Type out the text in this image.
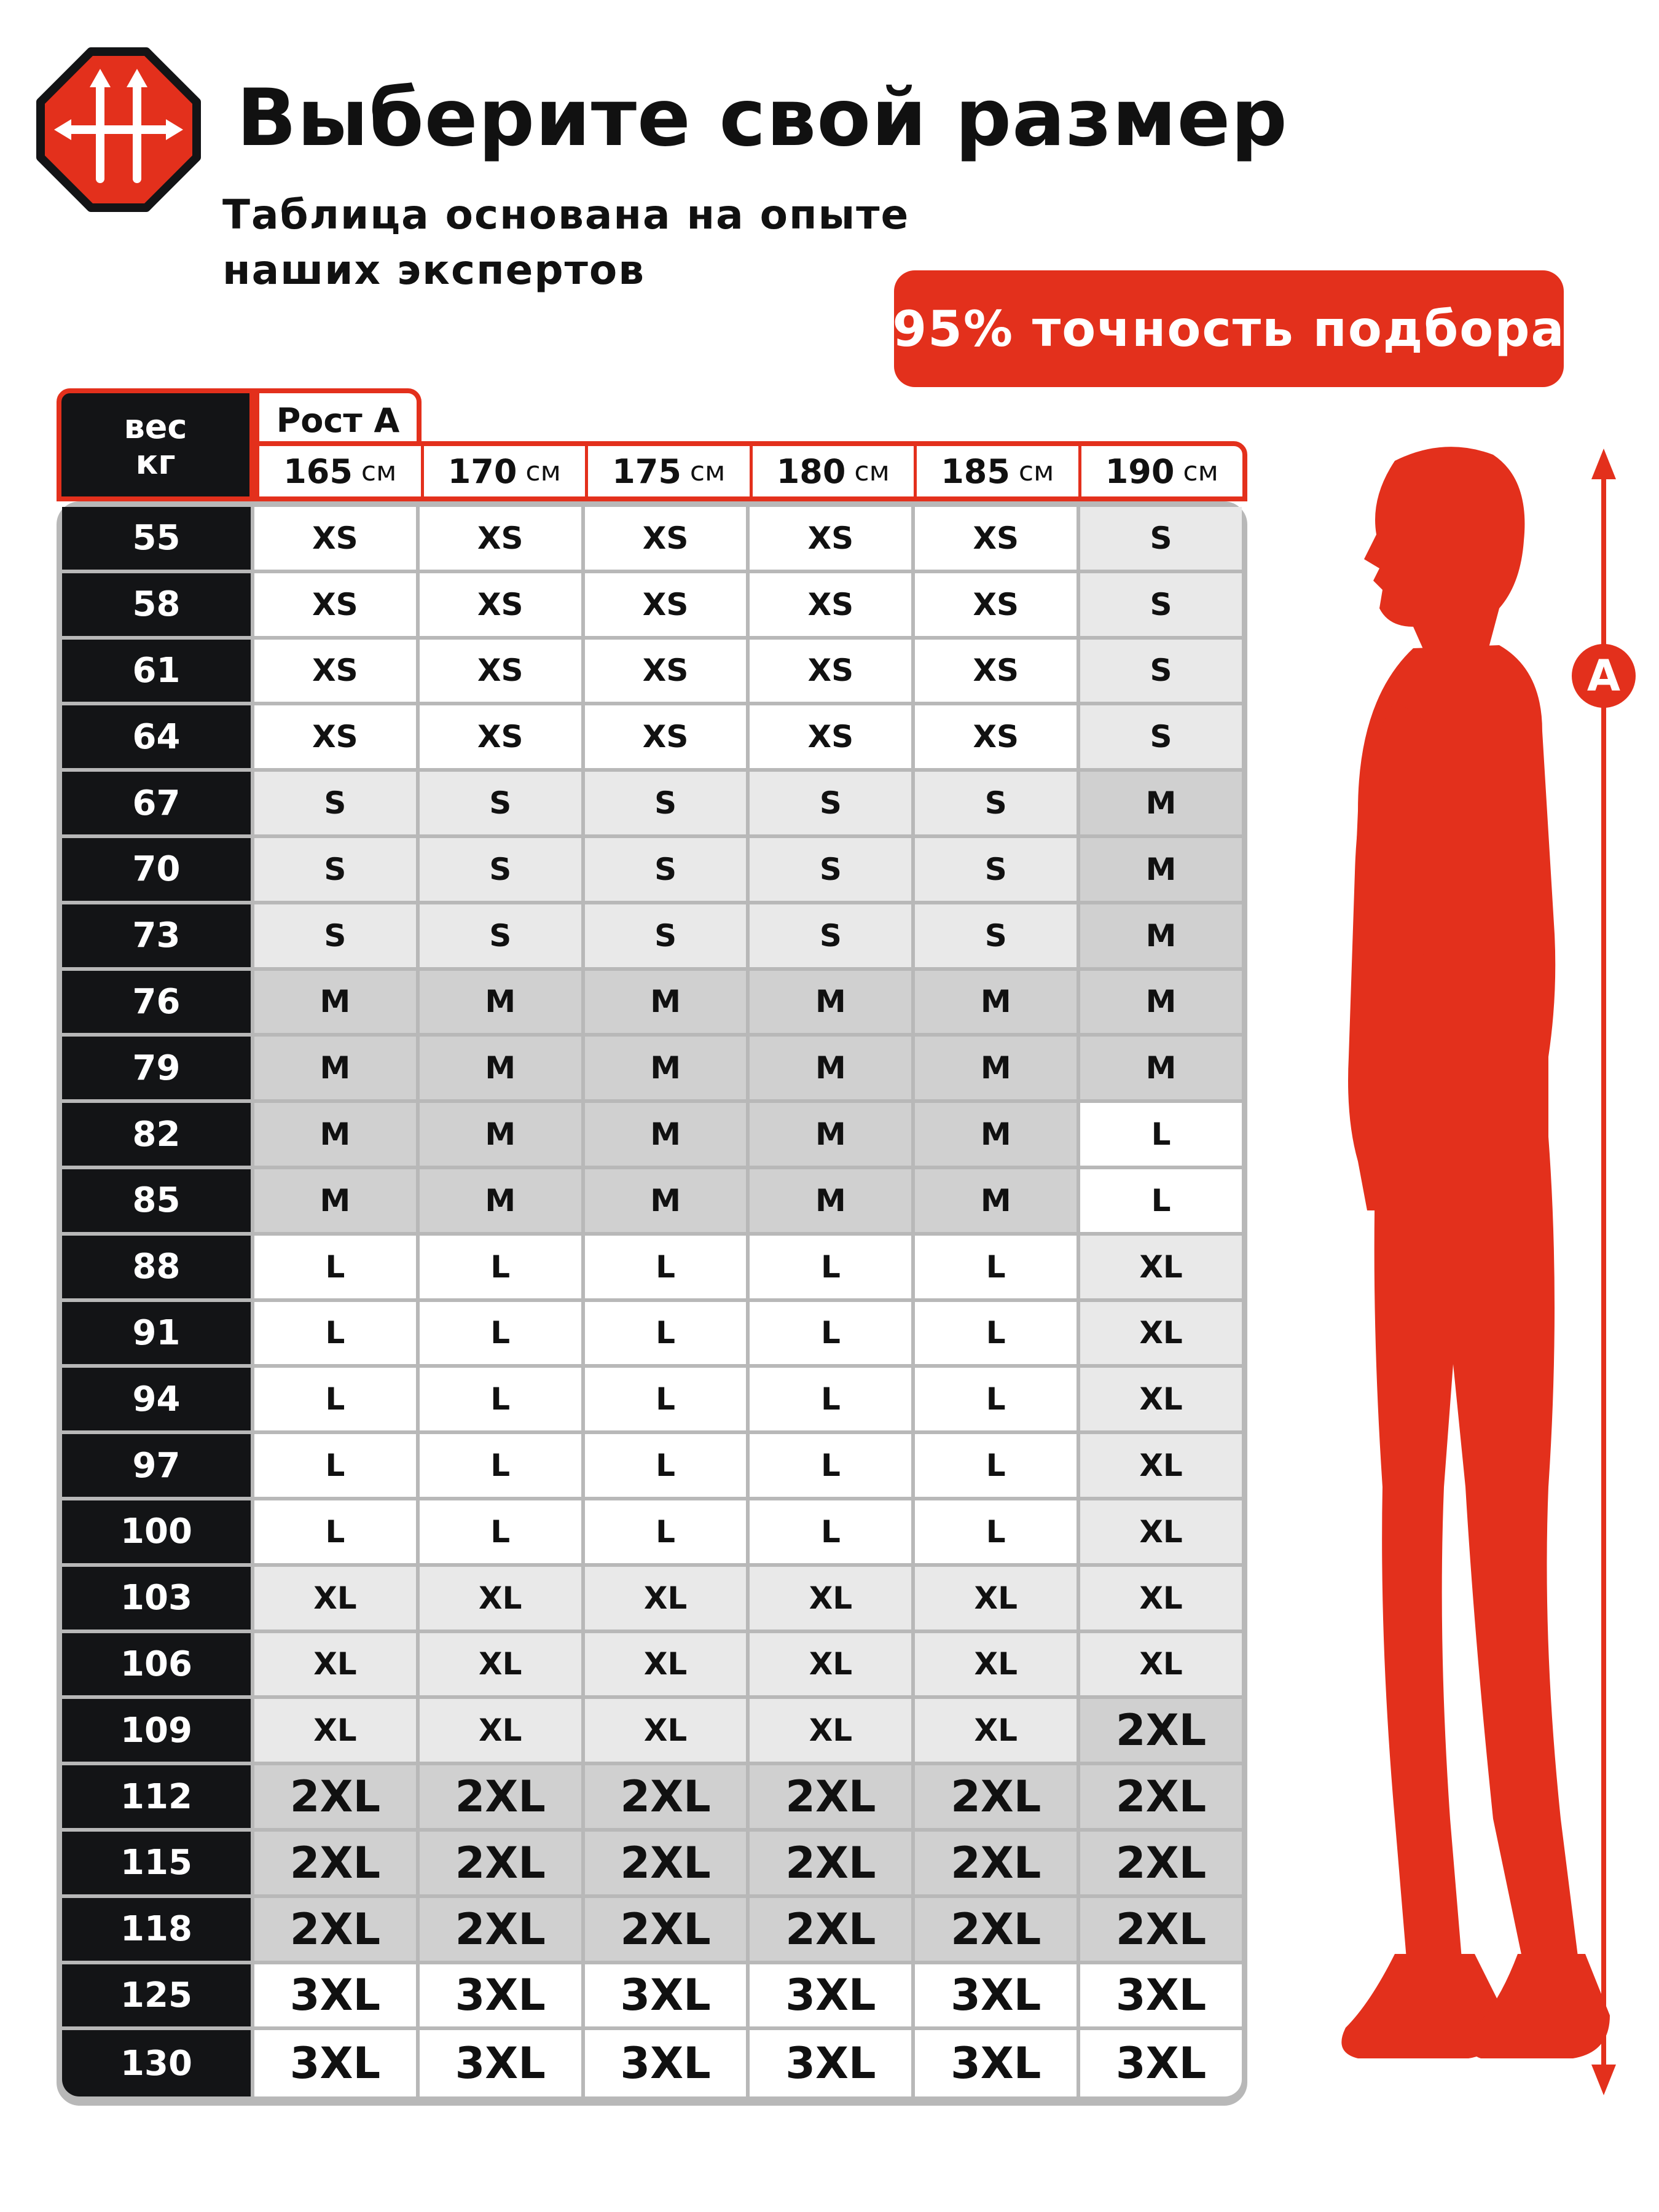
Выберите свой размер
Таблица основана на опыте
наших экспертов
95% точность подбора
вес
кг
Рост А
165 см 170 см 175 см 180 см 185 см 190 см
55	XS	XS	XS	XS	XS	S
58	XS	XS	XS	XS	XS	S
61	XS	XS	XS	XS	XS	S
64	XS	XS	XS	XS	XS	S
67	S	S	S	S	S	M
70	S	S	S	S	S	M
73	S	S	S	S	S	M
76	M	M	M	M	M	M
79	M	M	M	M	M	M
82	M	M	M	M	M	L
85	M	M	M	M	M	L
88	L	L	L	L	L	XL
91	L	L	L	L	L	XL
94	L	L	L	L	L	XL
97	L	L	L	L	L	XL
100	L	L	L	L	L	XL
103	XL	XL	XL	XL	XL	XL
106	XL	XL	XL	XL	XL	XL
109	XL	XL	XL	XL	XL	2XL
112	2XL	2XL	2XL	2XL	2XL	2XL
115	2XL	2XL	2XL	2XL	2XL	2XL
118	2XL	2XL	2XL	2XL	2XL	2XL
125	3XL	3XL	3XL	3XL	3XL	3XL
130	3XL	3XL	3XL	3XL	3XL	3XL
A
